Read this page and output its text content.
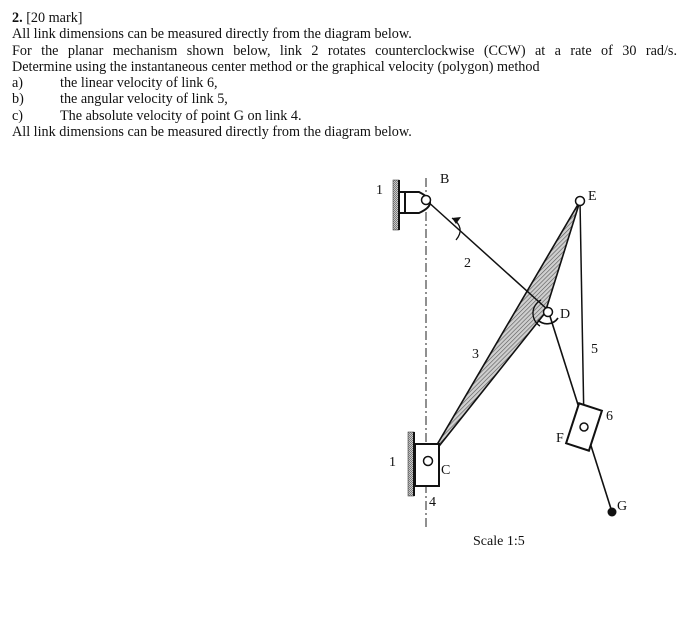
2. [20 mark]
All link dimensions can be measured directly from the diagram below.
For the planar mechanism shown below, link 2 rotates counterclockwise (CCW) at a rate of 30 rad/s.
Determine using the instantaneous center method or the graphical velocity (polygon) method
a)	the linear velocity of link 6,
b)	the angular velocity of link 5,
c)	The absolute velocity of point G on link 4.
All link dimensions can be measured directly from the diagram below.
1
B
E
2
D
3	5
6
F
1
C
4	G
Scale 1:5
